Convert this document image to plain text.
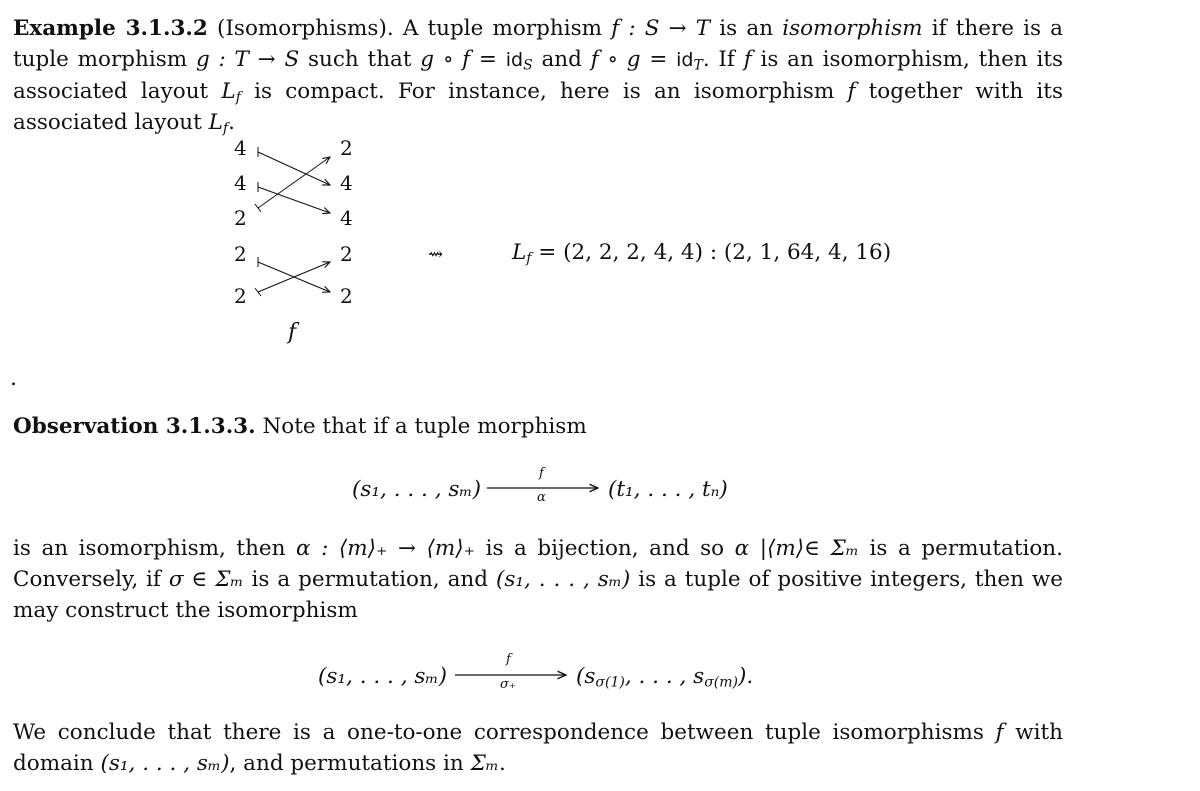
Example 3.1.3.2 (Isomorphisms). A tuple morphism f : S → T is an isomorphism if there is a tuple morphism g : T → S such that g ∘ $f = id_S$ and f ∘ $g = id_T$. If f is an isomorphism, then its associated layout $L_f$ is compact. For instance, here is an isomorphism f together with its associated layout $L_f$.

4
4
2
2
2
2
4
4
2
2
f
⇝	$L_f = (2$, 2, 2, 4, 4) : (2, 1, 64, 4, 16)
.

Observation 3.1.3.3. Note that if a tuple morphism

(s₁, . . . , sₘ)
f
α	(t₁, . . . , tₙ)

is an isomorphism, then α : ⟨m⟩₊ → ⟨m⟩₊ is a bijection, and so α |⟨m⟩∈ Σₘ is a permutation. Conversely, if σ ∈ Σₘ is a permutation, and (s₁, . . . , sₘ) is a tuple of positive integers, then we may construct the isomorphism

(s₁, . . . , sₘ)
f
σ₊	($s_{\sigma(1)}$, . . . , $s_{\sigma(m)}$).

We conclude that there is a one-to-one correspondence between tuple isomorphisms f with domain (s₁, . . . , sₘ), and permutations in Σₘ.
